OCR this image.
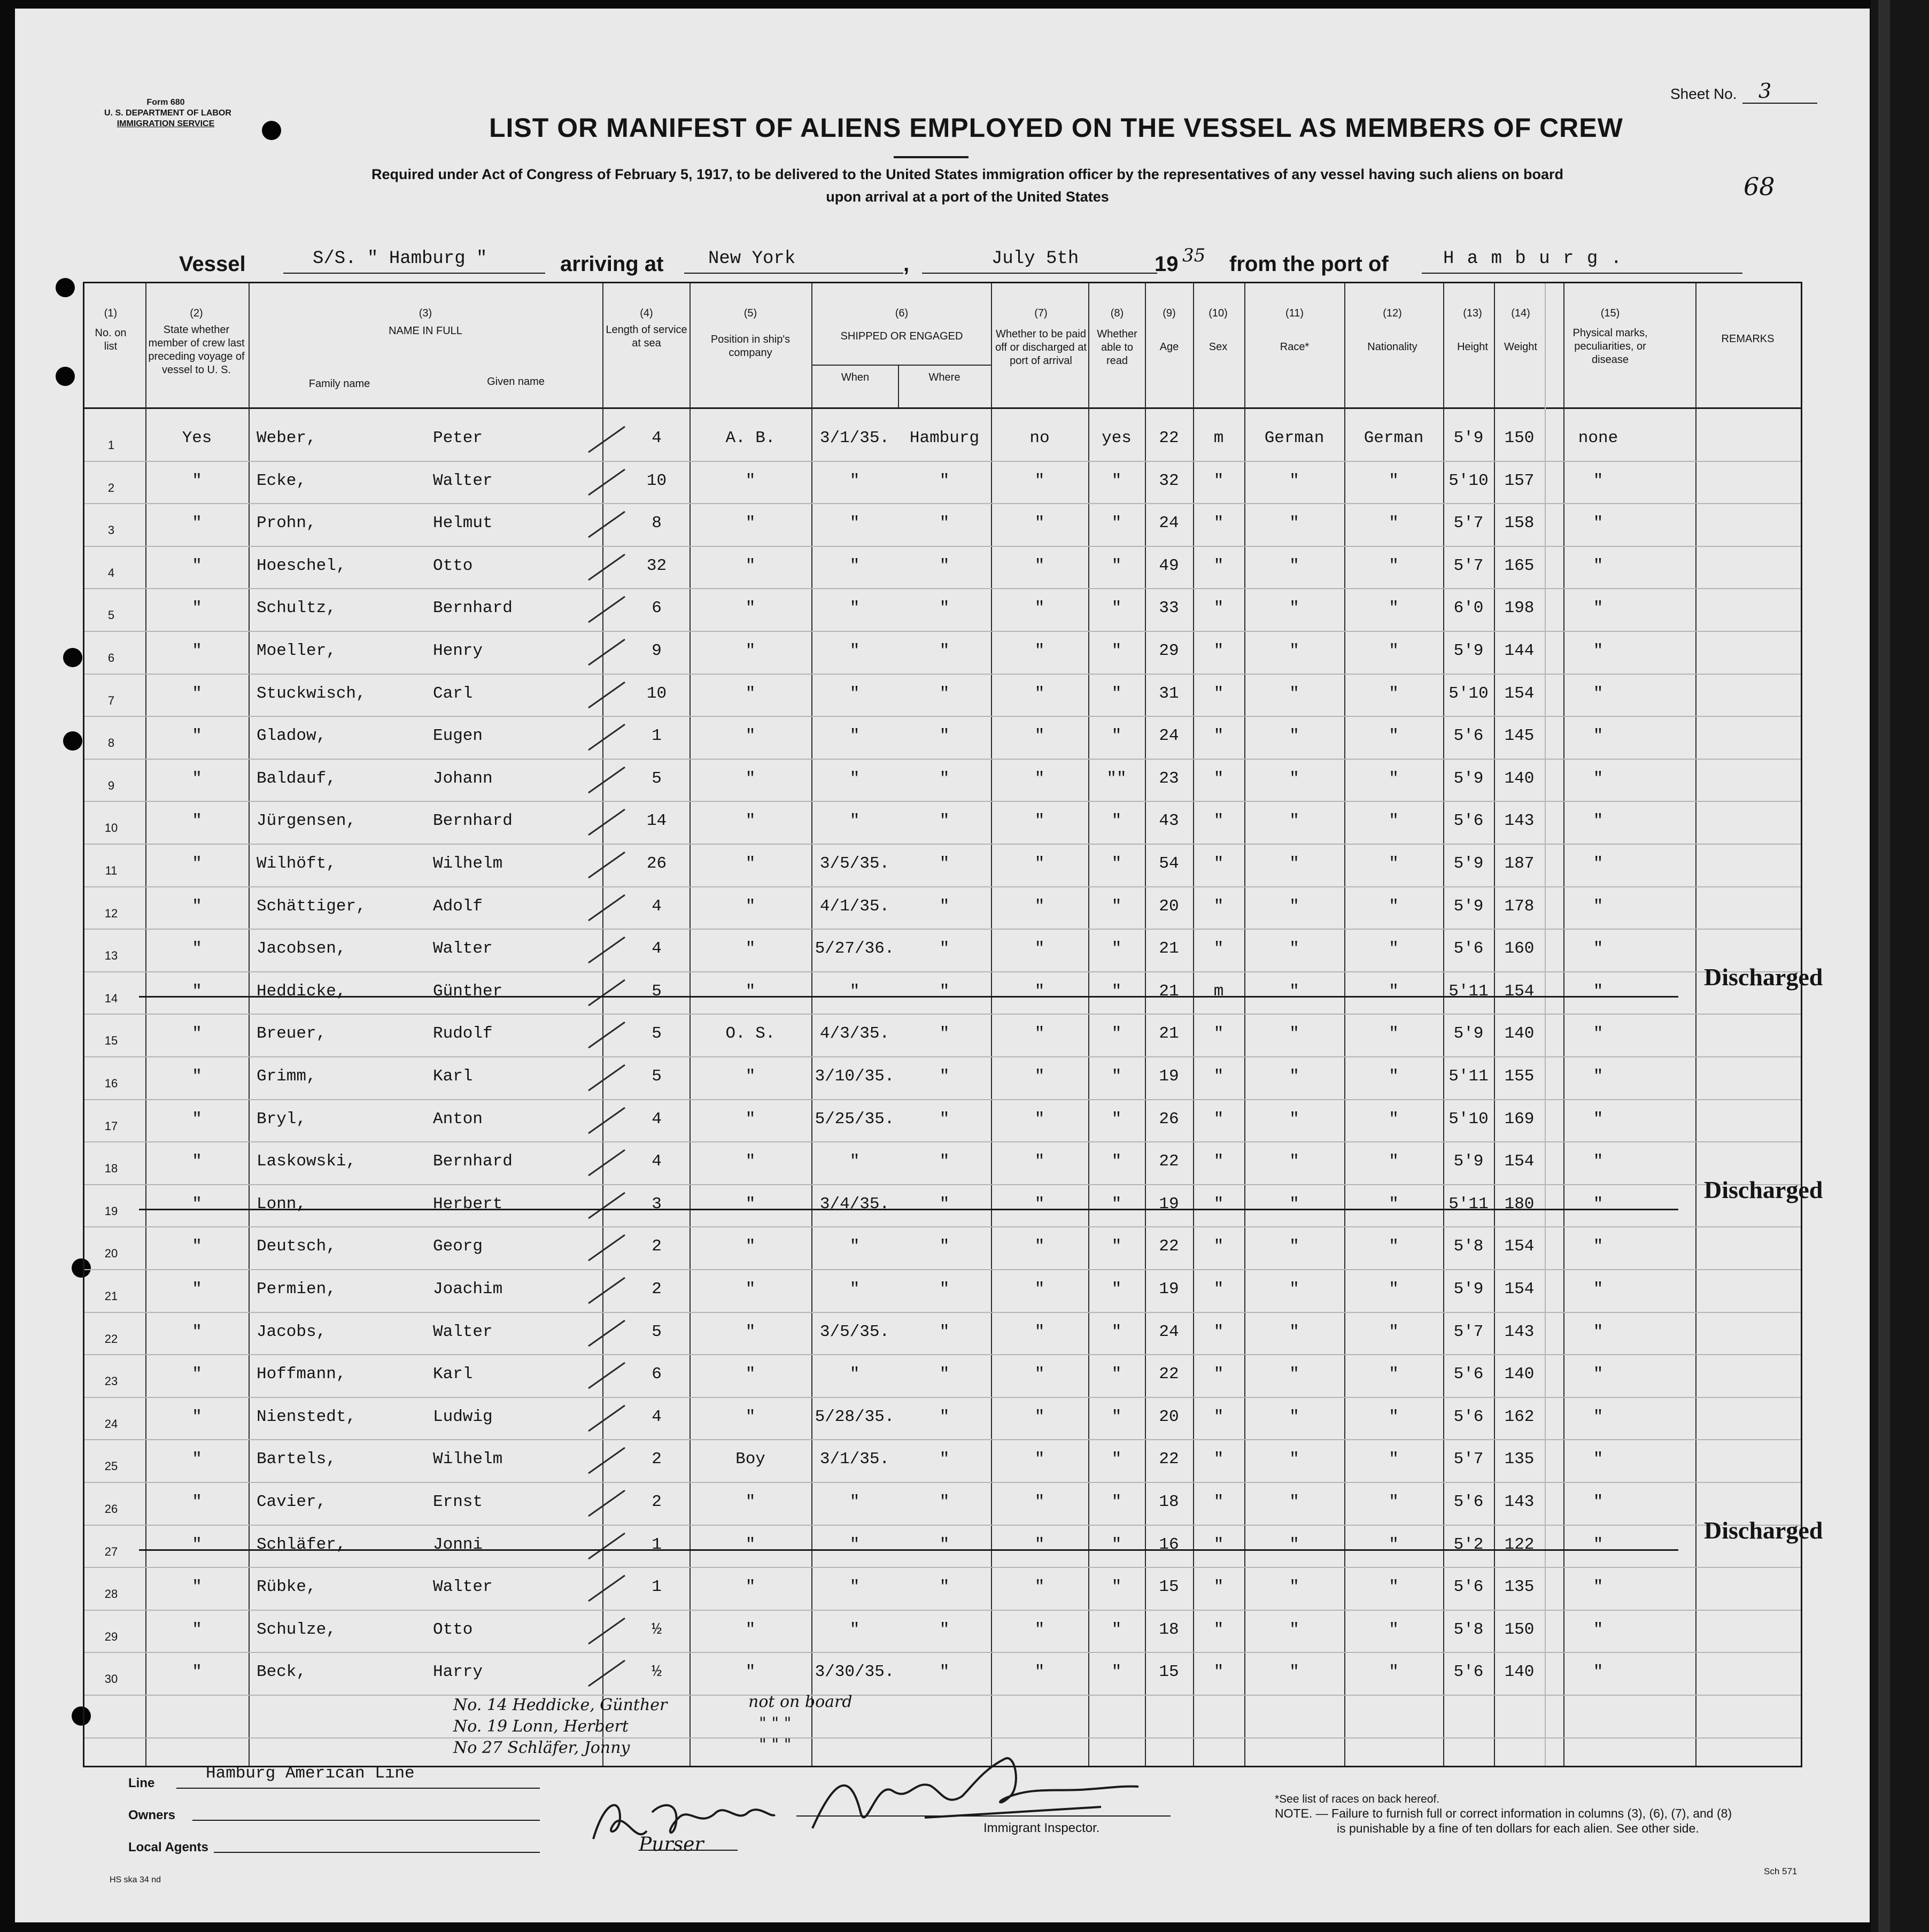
Form 680
U. S. DEPARTMENT OF LABOR
IMMIGRATION SERVICE
Sheet No. 3
68
LIST OR MANIFEST OF ALIENS EMPLOYED ON THE VESSEL AS MEMBERS OF CREW
Required under Act of Congress of February 5, 1917, to be delivered to the United States immigration officer by the representatives of any vessel having such aliens on board
upon arrival at a port of the United States
Vessel	S/S. " Hamburg "	arriving at New York	,	July 5th	19 35 from the port of	H a m b u r g .
(1)
No. on list
(2)
State whether member of crew last preceding voyage of vessel to U. S.
(3)
NAME IN FULL
Family name	Given name
(4)
Length of service at sea
(5)
Position in ship's company
(6)
SHIPPED OR ENGAGED
When	Where
(7)
Whether to be paid off or discharged at port of arrival
(8)
Whether able to read
(9)
Age
(10)
Sex
(11)
Race*
(12)
Nationality
(13)
Height
(14)
Weight
(15)
Physical marks, peculiarities, or disease
REMARKS
1	Yes	Weber,	Peter	4	A. B.	3/1/35.	Hamburg	no	yes	22	m	German	German	5'9	150	none
2	"	Ecke,	Walter	10	"	"	"	"	"	32	"	"	"	5'10 157	"
3	"	Prohn,	Helmut	8	"	"	"	"	"	24	"	"	"	5'7	158	"
4	"	Hoeschel,	Otto	32	"	"	"	"	"	49	"	"	"	5'7	165	"
5	"	Schultz,	Bernhard	6	"	"	"	"	"	33	"	"	"	6'0	198	"
6	"	Moeller,	Henry	9	"	"	"	"	"	29	"	"	"	5'9	144	"
7	"	Stuckwisch,	Carl	10	"	"	"	"	"	31	"	"	"	5'10 154	"
8	"	Gladow,	Eugen	1	"	"	"	"	"	24	"	"	"	5'6	145	"
9	"	Baldauf,	Johann	5	"	"	"	"	""	23	"	"	"	5'9	140	"
10	"	Jürgensen,	Bernhard	14	"	"	"	"	"	43	"	"	"	5'6	143	"
11	"	Wilhöft,	Wilhelm	26	"	3/5/35.	"	"	"	54	"	"	"	5'9	187	"
12	"	Schättiger,	Adolf	4	"	4/1/35.	"	"	"	20	"	"	"	5'9	178	"
13	"	Jacobsen,	Walter	4	"	5/27/36.	"	"	"	21	"	"	"	5'6	160	"
14	"	Heddicke,	Günther	5	"	"	"	"	"	21	m	"	"	5'11 154	"
Discharged
15	"	Breuer,	Rudolf	5	O. S.	4/3/35.	"	"	"	21	"	"	"	5'9	140	"
16	"	Grimm,	Karl	5	"	3/10/35.	"	"	"	19	"	"	"	5'11 155	"
17	"	Bryl,	Anton	4	"	5/25/35.	"	"	"	26	"	"	"	5'10 169	"
18	"	Laskowski,	Bernhard	4	"	"	"	"	"	22	"	"	"	5'9	154	"
19	"	Lonn,	Herbert	3	"	3/4/35.	"	"	"	19	"	"	"	5'11 180	"
Discharged
20	"	Deutsch,	Georg	2	"	"	"	"	"	22	"	"	"	5'8	154	"
21	"	Permien,	Joachim	2	"	"	"	"	"	19	"	"	"	5'9	154	"
22	"	Jacobs,	Walter	5	"	3/5/35.	"	"	"	24	"	"	"	5'7	143	"
23	"	Hoffmann,	Karl	6	"	"	"	"	"	22	"	"	"	5'6	140	"
24	"	Nienstedt,	Ludwig	4	"	5/28/35.	"	"	"	20	"	"	"	5'6	162	"
25	"	Bartels,	Wilhelm	2	Boy	3/1/35.	"	"	"	22	"	"	"	5'7	135	"
26	"	Cavier,	Ernst	2	"	"	"	"	"	18	"	"	"	5'6	143	"
27	"	Schläfer,	Jonni	1	"	"	"	"	"	16	"	"	"	5'2	122	"
Discharged
28	"	Rübke,	Walter	1	"	"	"	"	"	15	"	"	"	5'6	135	"
29	"	Schulze,	Otto	½	"	"	"	"	"	18	"	"	"	5'8	150	"
30	"	Beck,	Harry	½	"	3/30/35.	"	"	"	15	"	"	"	5'6	140	"
No. 14 Heddicke, Günther	not on board
No. 19 Lonn, Herbert	" " "
No 27 Schläfer, Jonny	" " "
Line
Hamburg American Line
Owners
Local Agents	Purser
Immigrant Inspector.
*See list of races on back hereof.
NOTE. — Failure to furnish full or correct information in columns (3), (6), (7), and (8)
is punishable by a fine of ten dollars for each alien. See other side.
Sch 571
HS ska 34 nd
